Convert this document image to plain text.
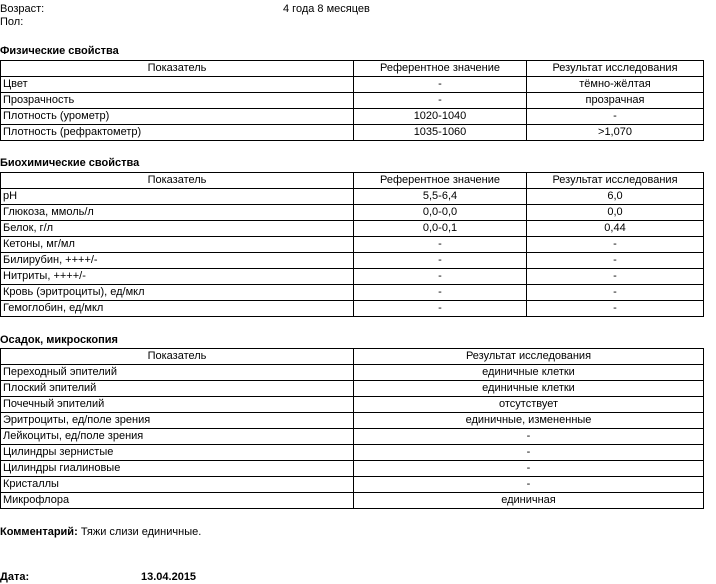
Возраст:	4 года 8 месяцев
Пол:
Физические свойства
Показатель	Референтное значение	Результат исследования
Цвет	-	тёмно-жёлтая
Прозрачность	-	прозрачная
Плотность (урометр)	1020-1040	-
Плотность (рефрактометр)	1035-1060	>1,070
Биохимические свойства
Показатель	Референтное значение	Результат исследования
pH	5,5-6,4	6,0
Глюкоза, ммоль/л	0,0-0,0	0,0
Белок, г/л	0,0-0,1	0,44
Кетоны, мг/мл	-	-
Билирубин, ++++/-	-	-
Нитриты, ++++/-	-	-
Кровь (эритроциты), ед/мкл	-	-
Гемоглобин, ед/мкл	-	-
Осадок, микроскопия
Показатель	Результат исследования
Переходный эпителий	единичные клетки
Плоский эпителий	единичные клетки
Почечный эпителий	отсутствует
Эритроциты, ед/поле зрения	единичные, измененные
Лейкоциты, ед/поле зрения	-
Цилиндры зернистые	-
Цилиндры гиалиновые	-
Кристаллы	-
Микрофлора	единичная
Комментарий: Тяжи слизи единичные.
Дата:	13.04.2015
